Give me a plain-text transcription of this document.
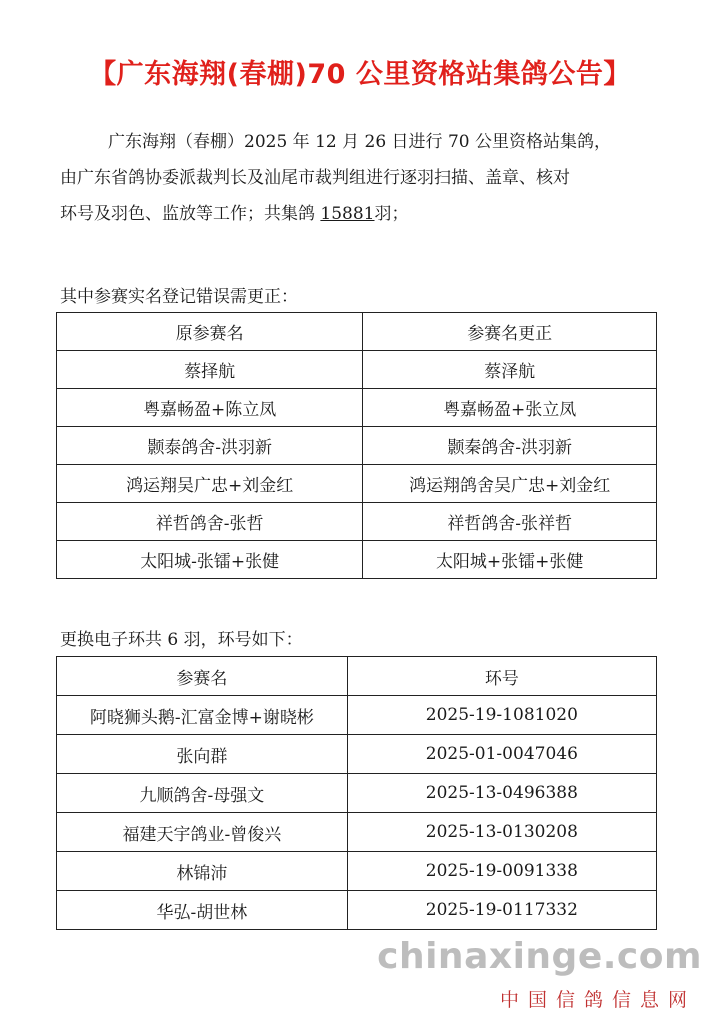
【广东海翔(春棚)70 公里资格站集鸽公告】
广东海翔（春棚）2025 年 12 月 26 日进行 70 公里资格站集鸽，
由广东省鸽协委派裁判长及汕尾市裁判组进行逐羽扫描、盖章、核对
环号及羽色、监放等工作；共集鸽 15881羽；
其中参赛实名登记错误需更正：
原参赛名	参赛名更正
蔡择航	蔡泽航
粤嘉畅盈+陈立凤	粤嘉畅盈+张立凤
颢泰鸽舍-洪羽新	颢秦鸽舍-洪羽新
鸿运翔吴广忠+刘金红	鸿运翔鸽舍吴广忠+刘金红
祥哲鸽舍-张哲	祥哲鸽舍-张祥哲
太阳城-张镭+张健	太阳城+张镭+张健
更换电子环共 6 羽，环号如下：
参赛名	环号
阿晓狮头鹅-汇富金博+谢晓彬	2025-19-1081020
张向群	2025-01-0047046
九顺鸽舍-母强文	2025-13-0496388
福建天宇鸽业-曾俊兴	2025-13-0130208
林锦沛	2025-19-0091338
华弘-胡世林	2025-19-0117332
chinaxinge.com
中国信鸽信息网
